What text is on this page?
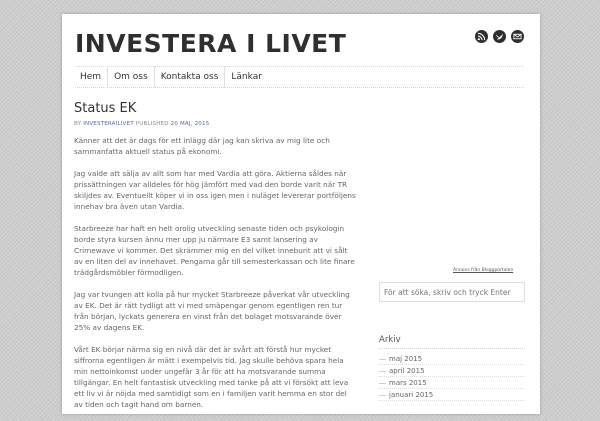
INVESTERA I LIVET
Hem	Om oss	Kontakta oss	Länkar
Status EK
BY INVESTERAILIVET PUBLISHED 20 MAJ, 2015

Känner att det är dags för ett inlägg där jag kan skriva av mig lite och sammanfatta aktuell status på ekonomi.

Jag valde att sälja av allt som har med Vardia att göra. Aktierna såldes när prissättningen var alldeles för hög jämfört med vad den borde varit när TR skiljdes av. Eventuellt köper vi in oss igen men i nuläget levererar portföljens innehav bra även utan Vardia.

Starbreeze har haft en helt orolig utveckling senaste tiden och psykologin borde styra kursen ännu mer upp ju närmare E3 samt lansering av Crimewave vi kommer. Det skrämmer mig en del vilket inneburit att vi sålt av en liten del av innehavet. Pengarna går till semesterkassan och lite finare trädgårdsmöbler förmodligen.

Jag var tvungen att kolla på hur mycket Starbreeze påverkat vår utveckling av EK. Det är rätt tydligt att vi med smäpengar genom egentligen ren tur från början, lyckats generera en vinst från det bolaget motsvarande över 25% av dagens EK.

Vårt EK börjar närma sig en nivå där det är svårt att förstå hur mycket siffrorna egentligen är mätt i exempelvis tid. Jag skulle behöva spara hela min nettoinkomst under ungefär 3 år för att ha motsvarande summa tillgängar. En helt fantastisk utveckling med tanke på att vi försökt att leva ett liv vi är nöjda med samtidigt som en i familjen varit hemma en stor del av tiden och tagit hand om barnen.

Annons från Bloggportalen
För att söka, skriv och tryck Enter
Arkiv
— maj 2015
— april 2015
— mars 2015
— januari 2015
